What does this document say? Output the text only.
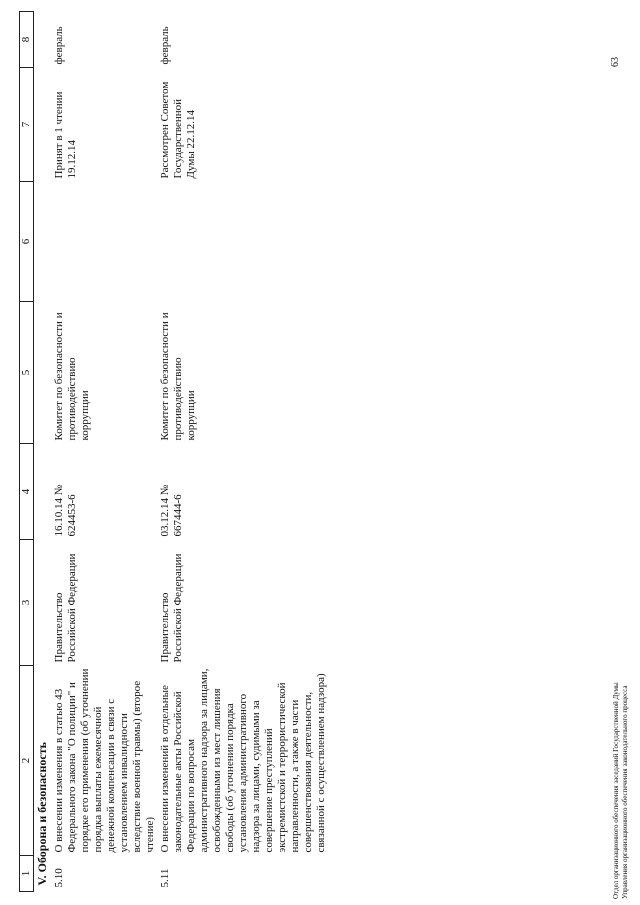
1	2	3	4	5	6	7	8
V. Оборона и безопасность							
5.10	О внесении изменения в статью 43 Федерального закона "О полиции" и порядке его применения (об уточнении порядка выплаты ежемесячной денежной компенсации в связи с установлением инвалидности вследствие военной травмы) (второе чтение)	Правительство Российской Федерации	16.10.14 № 624453-6	Комитет по безопасности и противодействию коррупции		Принят в 1 чтении 19.12.14	февраль
5.11	О внесении изменений в отдельные законодательные акты Российской Федерации по вопросам административного надзора за лицами, освобожденными из мест лишения свободы (об уточнении порядка установления административного надзора за лицами, судимыми за совершение преступлений экстремистской и террористической направленности, а также в части совершенствования деятельности, связанной с осуществлением надзора)	Правительство Российской Федерации	03.12.14 № 667444-6	Комитет по безопасности и противодействию коррупции		Рассмотрен Советом Государственной Думы 22.12.14	февраль	63
Отдел организационного обеспечения заседаний Государственной Думы Управления организационного обеспечения законодательного процесса
